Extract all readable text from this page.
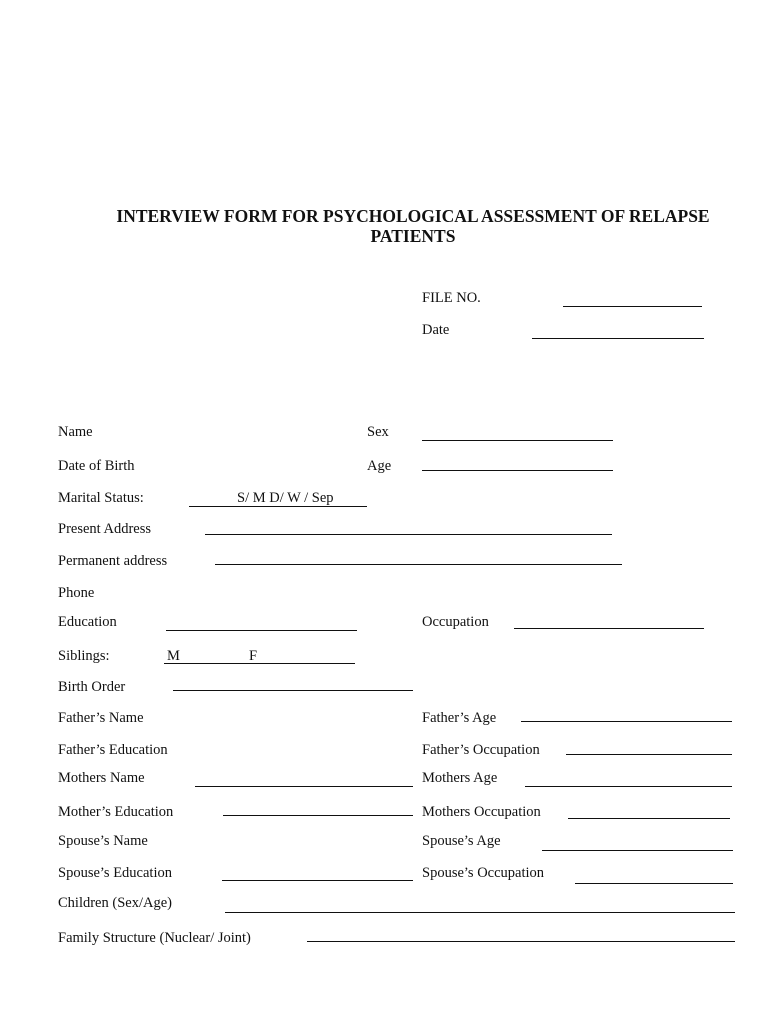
INTERVIEW FORM FOR PSYCHOLOGICAL ASSESSMENT OF RELAPSE
PATIENTS
FILE NO.
Date
Name	Sex
Date of Birth	Age
Marital Status:	S/ M D/ W / Sep
Present Address
Permanent address
Phone
Education	Occupation
Siblings:	M	F
Birth Order
Father’s Name	Father’s Age
Father’s Education	Father’s Occupation
Mothers Name	Mothers Age
Mother’s Education	Mothers Occupation
Spouse’s Name	Spouse’s Age
Spouse’s Education	Spouse’s Occupation
Children (Sex/Age)
Family Structure (Nuclear/ Joint)
